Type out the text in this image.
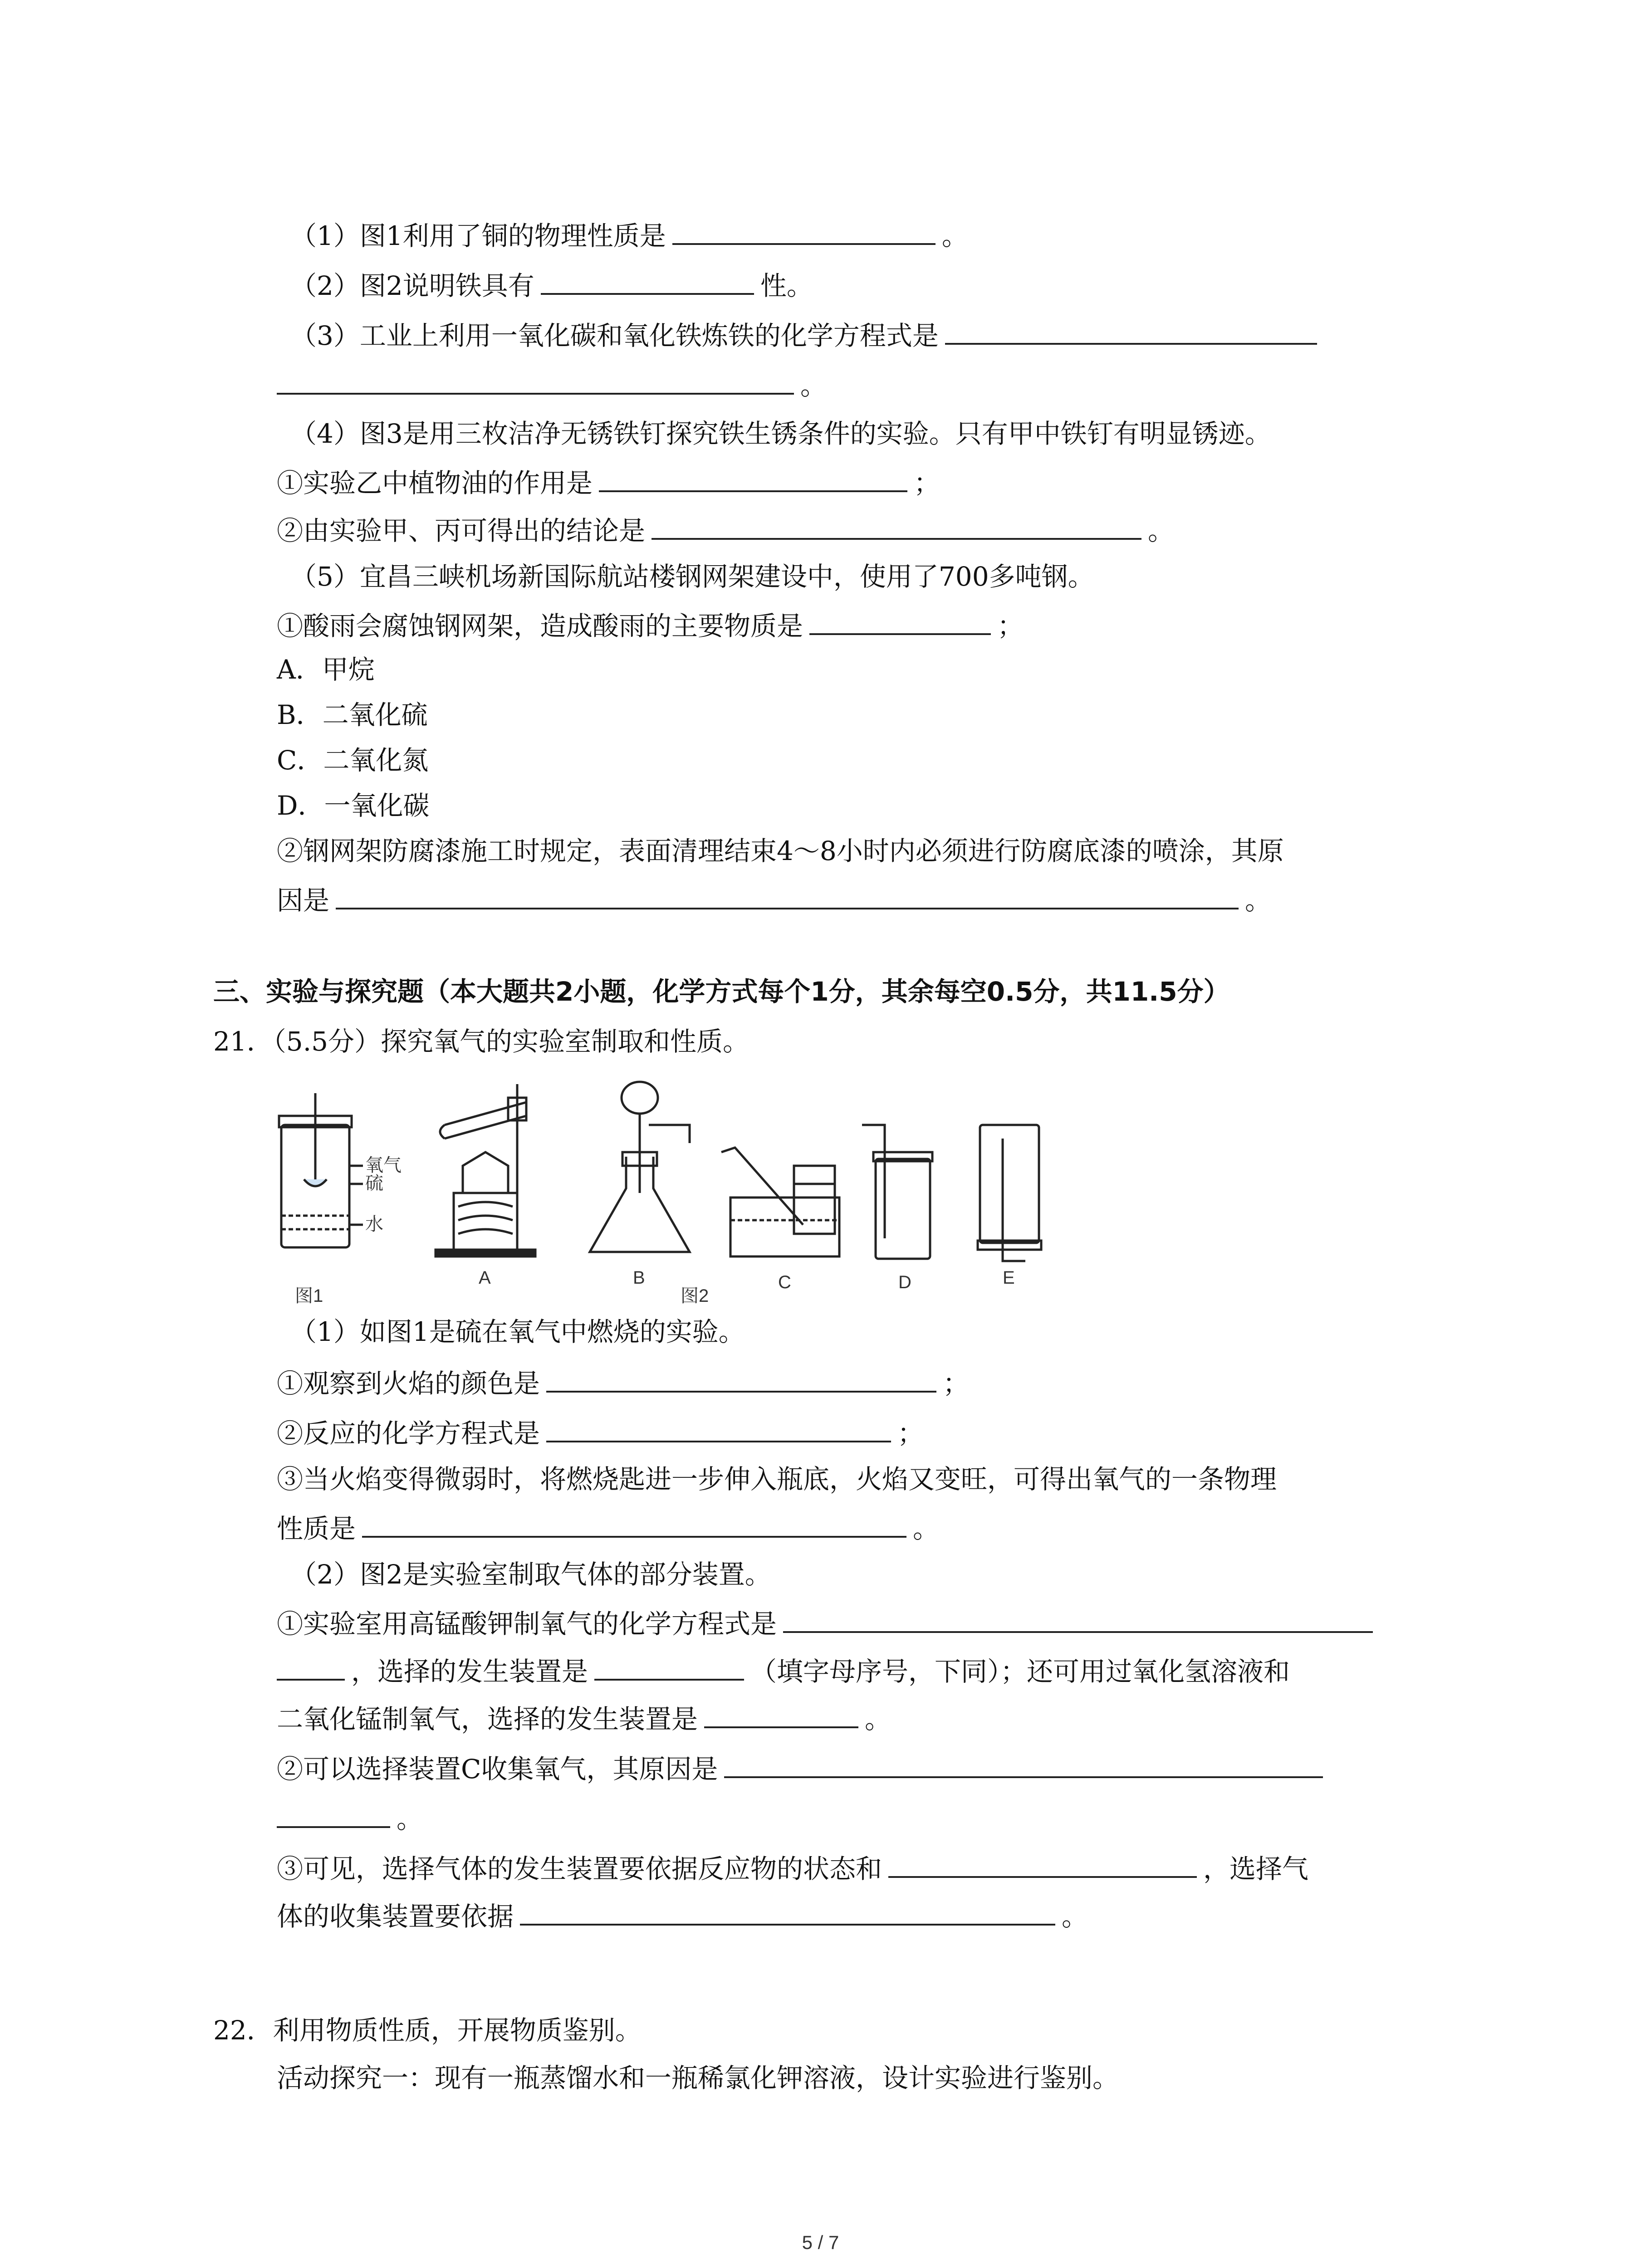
（1）图1利用了铜的物理性质是	。
（2）图2说明铁具有	性。
（3）工业上利用一氧化碳和氧化铁炼铁的化学方程式是
。
（4）图3是用三枚洁净无锈铁钉探究铁生锈条件的实验。只有甲中铁钉有明显锈迹。
①实验乙中植物油的作用是	；
②由实验甲、丙可得出的结论是	。
（5）宜昌三峡机场新国际航站楼钢网架建设中，使用了700多吨钢。
①酸雨会腐蚀钢网架，造成酸雨的主要物质是	；
A．甲烷
B．二氧化硫
C．二氧化氮
D．一氧化碳
②钢网架防腐漆施工时规定，表面清理结束4～8小时内必须进行防腐底漆的喷涂，其原
因是	。
三、实验与探究题（本大题共2小题，化学方式每个1分，其余每空0.5分，共11.5分）
21．（5.5分）探究氧气的实验室制取和性质。
氧气
硫
水
图1
A	B	C	D	E
图2
（1）如图1是硫在氧气中燃烧的实验。
①观察到火焰的颜色是	；
②反应的化学方程式是	；
③当火焰变得微弱时，将燃烧匙进一步伸入瓶底，火焰又变旺，可得出氧气的一条物理
性质是	。
（2）图2是实验室制取气体的部分装置。
①实验室用高锰酸钾制氧气的化学方程式是
，选择的发生装置是	（填字母序号，下同）；还可用过氧化氢溶液和
二氧化锰制氧气，选择的发生装置是	。
②可以选择装置C收集氧气，其原因是
。
③可见，选择气体的发生装置要依据反应物的状态和	，选择气
体的收集装置要依据	。
22．利用物质性质，开展物质鉴别。
活动探究一：现有一瓶蒸馏水和一瓶稀氯化钾溶液，设计实验进行鉴别。
5 / 7
